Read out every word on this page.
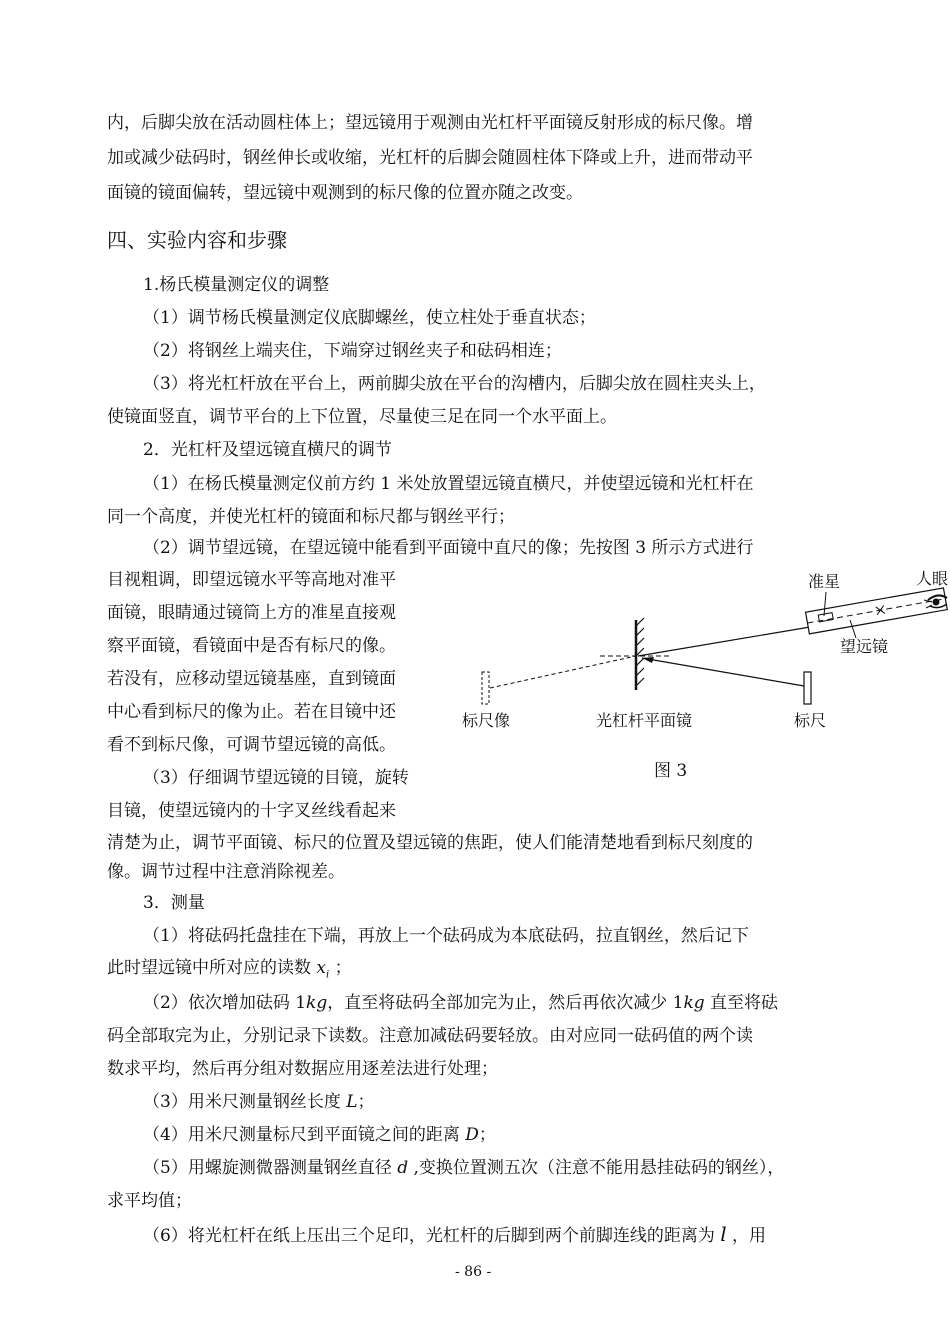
内，后脚尖放在活动圆柱体上；望远镜用于观测由光杠杆平面镜反射形成的标尺像。增
加或减少砝码时，钢丝伸长或收缩，光杠杆的后脚会随圆柱体下降或上升，进而带动平
面镜的镜面偏转，望远镜中观测到的标尺像的位置亦随之改变。
四、实验内容和步骤
1.杨氏模量测定仪的调整
（1）调节杨氏模量测定仪底脚螺丝，使立柱处于垂直状态；
（2）将钢丝上端夹住，下端穿过钢丝夹子和砝码相连；
（3）将光杠杆放在平台上，两前脚尖放在平台的沟槽内，后脚尖放在圆柱夹头上，
使镜面竖直，调节平台的上下位置，尽量使三足在同一个水平面上。
2．光杠杆及望远镜直横尺的调节
（1）在杨氏模量测定仪前方约 1 米处放置望远镜直横尺，并使望远镜和光杠杆在
同一个高度，并使光杠杆的镜面和标尺都与钢丝平行；
（2）调节望远镜，在望远镜中能看到平面镜中直尺的像；先按图 3 所示方式进行
目视粗调，即望远镜水平等高地对准平
面镜，眼睛通过镜筒上方的准星直接观
察平面镜，看镜面中是否有标尺的像。
若没有，应移动望远镜基座，直到镜面
中心看到标尺的像为止。若在目镜中还
看不到标尺像，可调节望远镜的高低。
（3）仔细调节望远镜的目镜，旋转
目镜，使望远镜内的十字叉丝线看起来
准星	人眼
望远镜
标尺像	光杠杆平面镜	标尺
图 3
清楚为止，调节平面镜、标尺的位置及望远镜的焦距，使人们能清楚地看到标尺刻度的
像。调节过程中注意消除视差。
3．测量
（1）将砝码托盘挂在下端，再放上一个砝码成为本底砝码，拉直钢丝，然后记下
此时望远镜中所对应的读数 $x_i$ ；
（2）依次增加砝码 1kg，直至将砝码全部加完为止，然后再依次减少 1kg 直至将砝
码全部取完为止，分别记录下读数。注意加减砝码要轻放。由对应同一砝码值的两个读
数求平均，然后再分组对数据应用逐差法进行处理；
（3）用米尺测量钢丝长度 L；
（4）用米尺测量标尺到平面镜之间的距离 D；
（5）用螺旋测微器测量钢丝直径 d ,变换位置测五次（注意不能用悬挂砝码的钢丝），
求平均值；
（6）将光杠杆在纸上压出三个足印，光杠杆的后脚到两个前脚连线的距离为 l ，用
- 86 -
